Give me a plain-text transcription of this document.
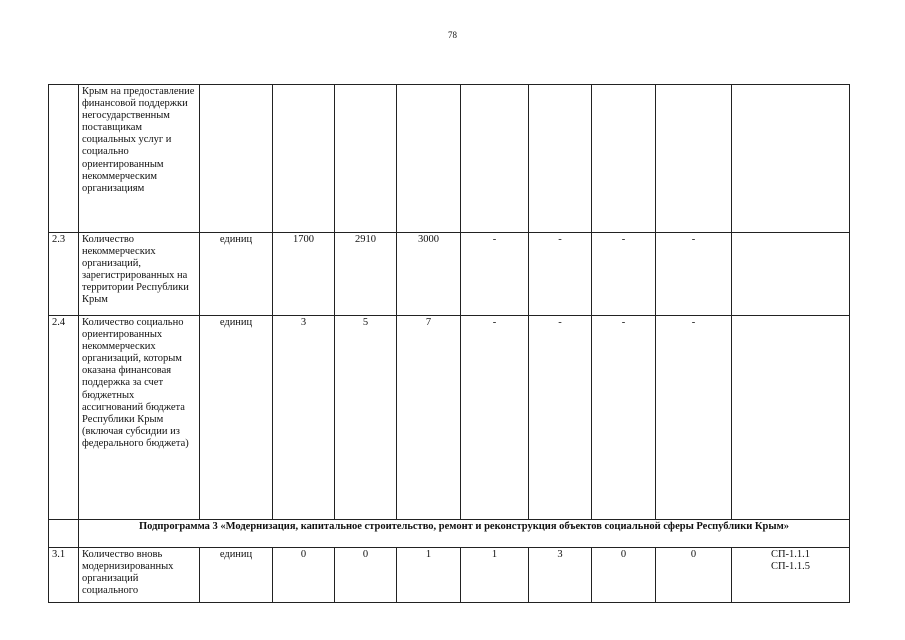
78
	Крым на предоставление финансовой поддержки негосударственным поставщикам социальных услуг и социально ориентированным некоммерческим организациям									
2.3	Количество некоммерческих организаций, зарегистрированных на территории Республики Крым	единиц	1700	2910	3000	-	-	-	-	
2.4	Количество социально ориентированных некоммерческих организаций, которым оказана финансовая поддержка за счет бюджетных ассигнований бюджета Республики Крым (включая субсидии из федерального бюджета)	единиц	3	5	7	-	-	-	-	
	Подпрограмма 3 «Модернизация, капитальное строительство, ремонт и реконструкция объектов социальной сферы Республики Крым»									
3.1	Количество вновь модернизированных организаций социального	единиц	0	0	1	1	3	0	0	СП-1.1.1
СП-1.1.5
